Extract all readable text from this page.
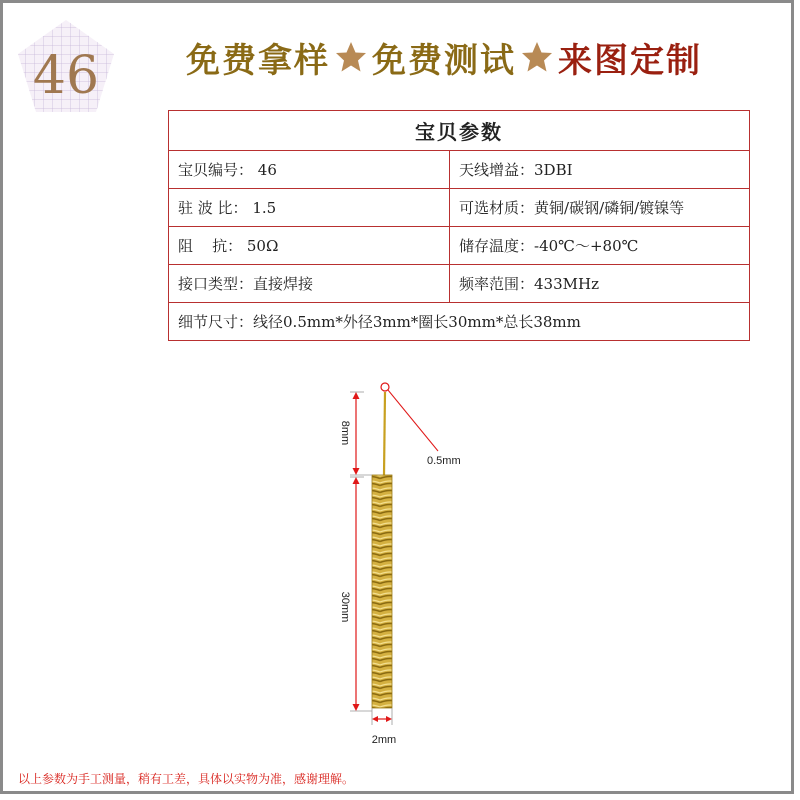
46	免费拿样 免费测试 来图定制
宝贝参数	
宝贝编号： 46	天线增益：3DBI
驻 波 比： 1.5	可选材质：黄铜/碳钢/磷铜/镀镍等
阻    抗： 50Ω	储存温度：-40℃～+80℃
接口类型：直接焊接	频率范围：433MHz
细节尺寸：线径0.5mm*外径3mm*圈长30mm*总长38mm	
0.5mm
8mm
30mm
2mm
以上参数为手工测量，稍有工差，具体以实物为准，感谢理解。
